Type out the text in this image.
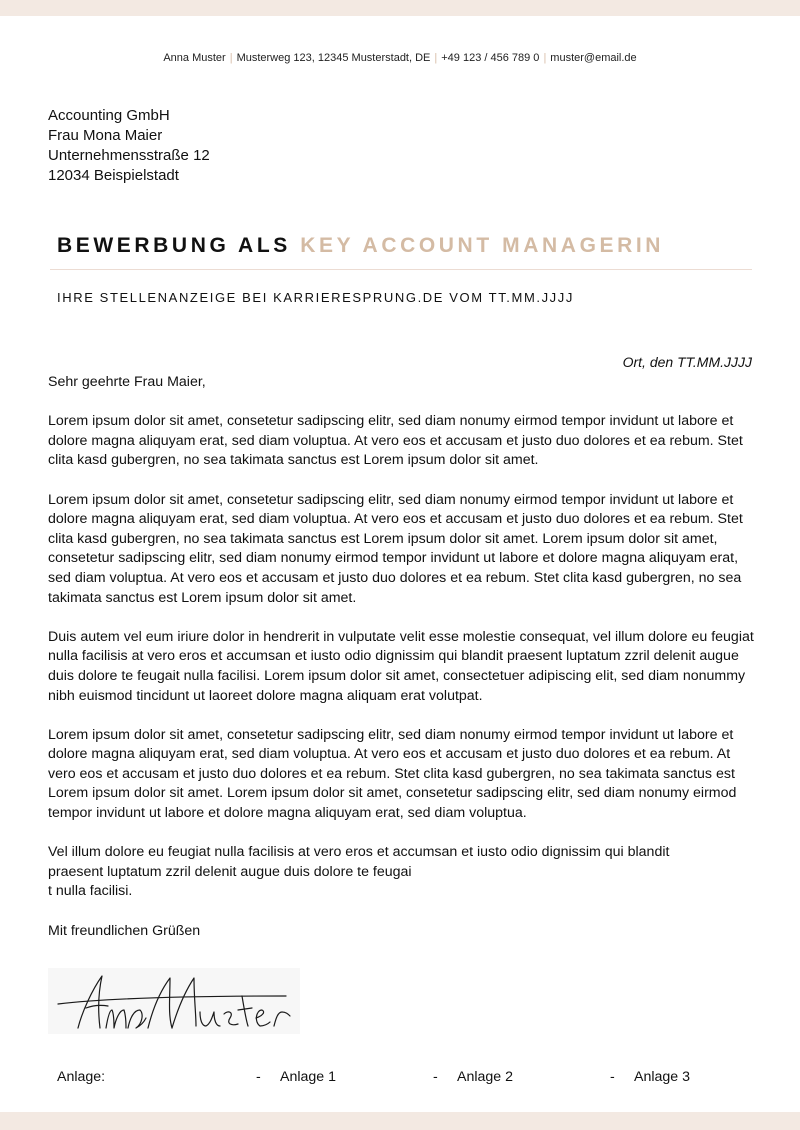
Anna Muster | Musterweg 123, 12345 Musterstadt, DE | +49 123 / 456 789 0 | muster@email.de
Accounting GmbH
Frau Mona Maier
Unternehmensstraße 12
12034 Beispielstadt
BEWERBUNG ALS KEY ACCOUNT MANAGERIN
IHRE STELLENANZEIGE BEI KARRIERESPRUNG.DE VOM TT.MM.JJJJ
Ort, den TT.MM.JJJJ

Sehr geehrte Frau Maier,

Lorem ipsum dolor sit amet, consetetur sadipscing elitr, sed diam nonumy eirmod tempor invidunt ut labore et dolore magna aliquyam erat, sed diam voluptua. At vero eos et accusam et justo duo dolores et ea rebum. Stet clita kasd gubergren, no sea takimata sanctus est Lorem ipsum dolor sit amet.

Lorem ipsum dolor sit amet, consetetur sadipscing elitr, sed diam nonumy eirmod tempor invidunt ut labore et dolore magna aliquyam erat, sed diam voluptua. At vero eos et accusam et justo duo dolores et ea rebum. Stet clita kasd gubergren, no sea takimata sanctus est Lorem ipsum dolor sit amet. Lorem ipsum dolor sit amet, consetetur sadipscing elitr, sed diam nonumy eirmod tempor invidunt ut labore et dolore magna aliquyam erat, sed diam voluptua. At vero eos et accusam et justo duo dolores et ea rebum. Stet clita kasd gubergren, no sea takimata sanctus est Lorem ipsum dolor sit amet.

Duis autem vel eum iriure dolor in hendrerit in vulputate velit esse molestie consequat, vel illum dolore eu feugiat nulla facilisis at vero eros et accumsan et iusto odio dignissim qui blandit praesent luptatum zzril delenit augue duis dolore te feugait nulla facilisi. Lorem ipsum dolor sit amet, consectetuer adipiscing elit, sed diam nonummy nibh euismod tincidunt ut laoreet dolore magna aliquam erat volutpat.

Lorem ipsum dolor sit amet, consetetur sadipscing elitr, sed diam nonumy eirmod tempor invidunt ut labore et dolore magna aliquyam erat, sed diam voluptua. At vero eos et accusam et justo duo dolores et ea rebum. At vero eos et accusam et justo duo dolores et ea rebum. Stet clita kasd gubergren, no sea takimata sanctus est Lorem ipsum dolor sit amet. Lorem ipsum dolor sit amet, consetetur sadipscing elitr, sed diam nonumy eirmod tempor invidunt ut labore et dolore magna aliquyam erat, sed diam voluptua.

Vel illum dolore eu feugiat nulla facilisis at vero eros et accumsan et iusto odio dignissim qui blandit
praesent luptatum zzril delenit augue duis dolore te feugai
t nulla facilisi.

Mit freundlichen Grüßen

Anlage:	- Anlage 1	- Anlage 2	- Anlage 3
